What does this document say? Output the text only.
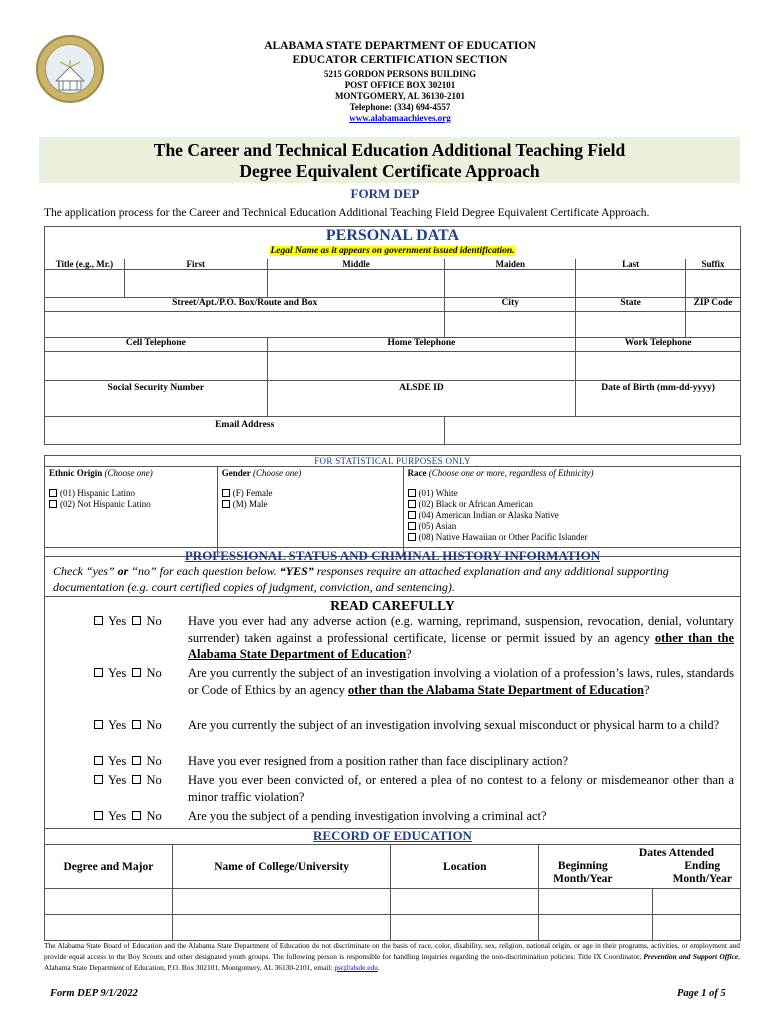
ALABAMA STATE DEPARTMENT OF EDUCATION
EDUCATOR CERTIFICATION SECTION
5215 GORDON PERSONS BUILDING
POST OFFICE BOX 302101
MONTGOMERY, AL 36130-2101
Telephone: (334) 694-4557
www.alabamaachieves.org
The Career and Technical Education Additional Teaching Field
Degree Equivalent Certificate Approach
FORM DEP
The application process for the Career and Technical Education Additional Teaching Field Degree Equivalent Certificate Approach.
PERSONAL DATA
Legal Name as it appears on government issued identification.					

Title (e.g., Mr.)	First	Middle	Maiden	Last	Suffix

Street/Apt./P.O. Box/Route and Box			City	State	ZIP Code

Cell Telephone		Home Telephone		Work Telephone	

Social Security Number		ALSDE ID		Date of Birth (mm-dd-yyyy)	

Email Address					
FOR STATISTICAL PURPOSES ONLY

Ethnic Origin (Choose one)
(01) Hispanic Latino
(02) Not Hispanic Latino

Gender (Choose one)
(F) Female
(M) Male

Race (Choose one or more, regardless of Ethnicity)
(01) White
(02) Black or African American
(04) American Indian or Alaska Native
(05) Asian
(08) Native Hawaiian or Other Pacific Islander
PROFESSIONAL STATUS AND CRIMINAL HISTORY INFORMATION
Check “yes” or “no” for each question below. “YES” responses require an attached explanation and any additional supporting documentation (e.g. court certified copies of judgment, conviction, and sentencing).
READ CAREFULLY
Yes No Have you ever had any adverse action (e.g. warning, reprimand, suspension, revocation, denial, voluntary surrender) taken against a professional certificate, license or permit issued by an agency other than the Alabama State Department of Education?
Yes No Are you currently the subject of an investigation involving a violation of a profession’s laws, rules, standards or Code of Ethics by an agency other than the Alabama State Department of Education?
Yes No Are you currently the subject of an investigation involving sexual misconduct or physical harm to a child?
Yes No Have you ever resigned from a position rather than face disciplinary action?
Yes No Have you ever been convicted of, or entered a plea of no contest to a felony or misdemeanor other than a minor traffic violation?
Yes No Are you the subject of a pending investigation involving a criminal act?
RECORD OF EDUCATION				
Degree and Major	Name of College/University	Location	Dates Attended
Beginning
Month/Year
Ending
Month/Year	

The Alabama State Board of Education and the Alabama State Department of Education do not discriminate on the basis of race, color, disability, sex, religion, national origin, or age in their programs, activities, or employment and provide equal access to the Boy Scouts and other designated youth groups. The following person is responsible for handling inquiries regarding the non-discrimination policies: Title IX Coordinator, Prevention and Support Office, Alabama State Department of Education, P.O. Box 302101, Montgomery, AL 36130-2101, email: psr@alsde.edu.
Form DEP 9/1/2022	Page 1 of 5
